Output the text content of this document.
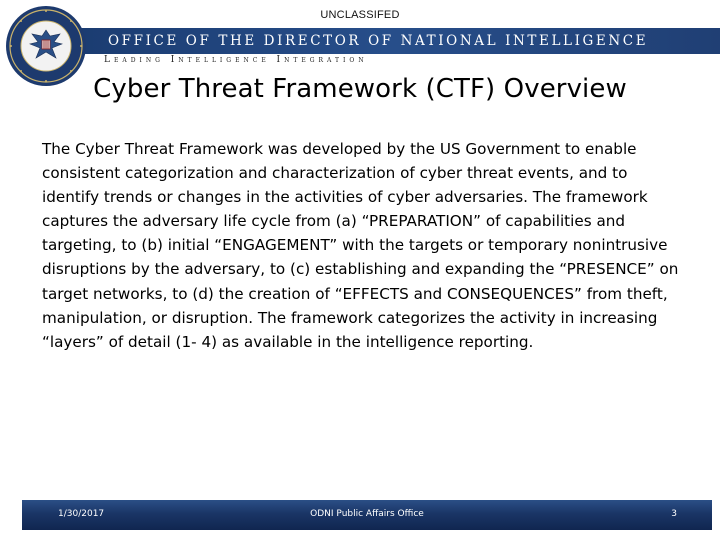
UNCLASSIFED
OFFICE OF THE DIRECTOR OF NATIONAL INTELLIGENCE
Leading Intelligence Integration
Cyber Threat Framework (CTF) Overview
The Cyber Threat Framework was developed by the US Government to enable consistent categorization and characterization of cyber threat events, and to identify trends or changes in the activities of cyber adversaries. The framework captures the adversary life cycle from (a) “PREPARATION” of capabilities and targeting, to (b) initial “ENGAGEMENT” with the targets or temporary nonintrusive disruptions by the adversary, to (c) establishing and expanding the “PRESENCE” on target networks, to (d) the creation of “EFFECTS and CONSEQUENCES” from theft, manipulation, or disruption. The framework categorizes the activity in increasing “layers” of detail (1- 4) as available in the intelligence reporting.
1/30/2017	ODNI Public Affairs Office	3
